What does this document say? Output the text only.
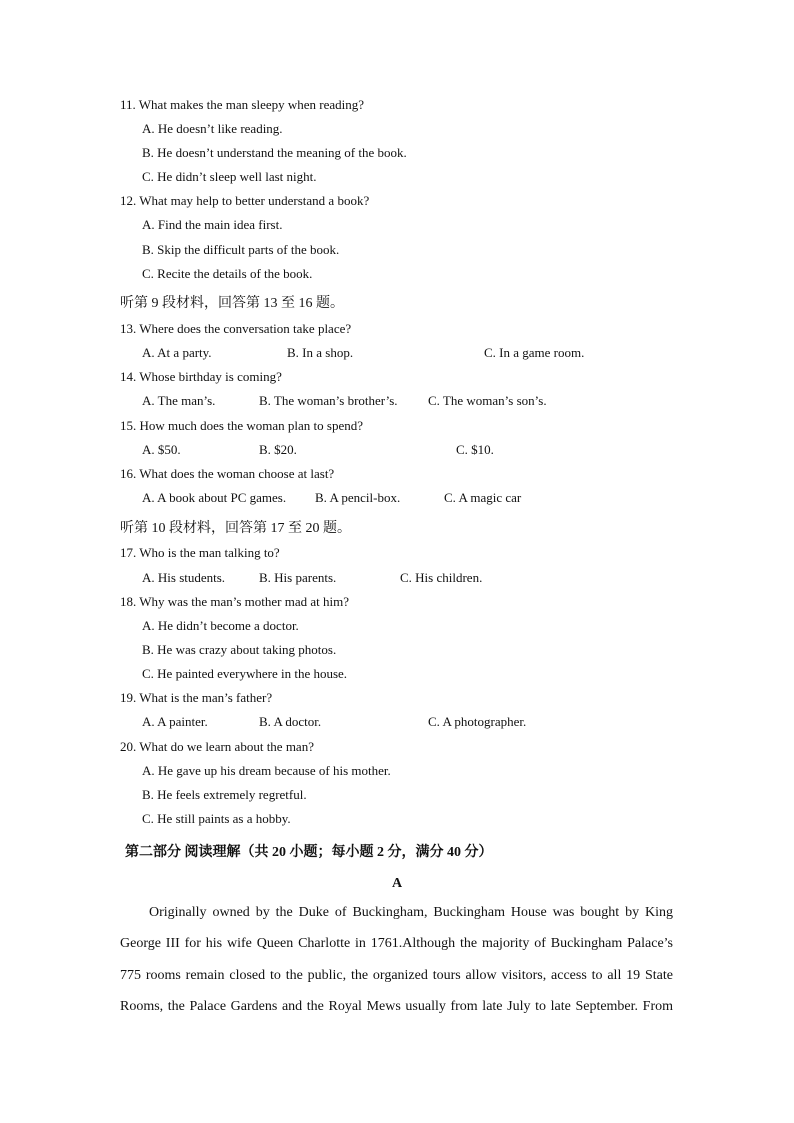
11. What makes the man sleepy when reading?
A. He doesn’t like reading.
B. He doesn’t understand the meaning of the book.
C. He didn’t sleep well last night.
12. What may help to better understand a book?
A. Find the main idea first.
B. Skip the difficult parts of the book.
C. Recite the details of the book.
听第 9 段材料，回答第 13 至 16 题。
13. Where does the conversation take place?
A. At a party.	B. In a shop.	C. In a game room.
14. Whose birthday is coming?
A. The man’s.	B. The woman’s brother’s. C. The woman’s son’s.
15. How much does the woman plan to spend?
A. $50.	B. $20.	C. $10.
16. What does the woman choose at last?
A. A book about PC games. B. A pencil-box.	C. A magic car
听第 10 段材料，回答第 17 至 20 题。
17. Who is the man talking to?
A. His students.	B. His parents.	C. His children.
18. Why was the man’s mother mad at him?
A. He didn’t become a doctor.
B. He was crazy about taking photos.
C. He painted everywhere in the house.
19. What is the man’s father?
A. A painter.	B. A doctor.	C. A photographer.
20. What do we learn about the man?
A. He gave up his dream because of his mother.
B. He feels extremely regretful.
C. He still paints as a hobby.
第二部分 阅读理解（共 20 小题；每小题 2 分，满分 40 分）
A
Originally owned by the Duke of Buckingham, Buckingham House was bought by King
George III for his wife Queen Charlotte in 1761.Although the majority of Buckingham Palace’s
775 rooms remain closed to the public, the organized tours allow visitors, access to all 19 State
Rooms, the Palace Gardens and the Royal Mews usually from late July to late September. From
